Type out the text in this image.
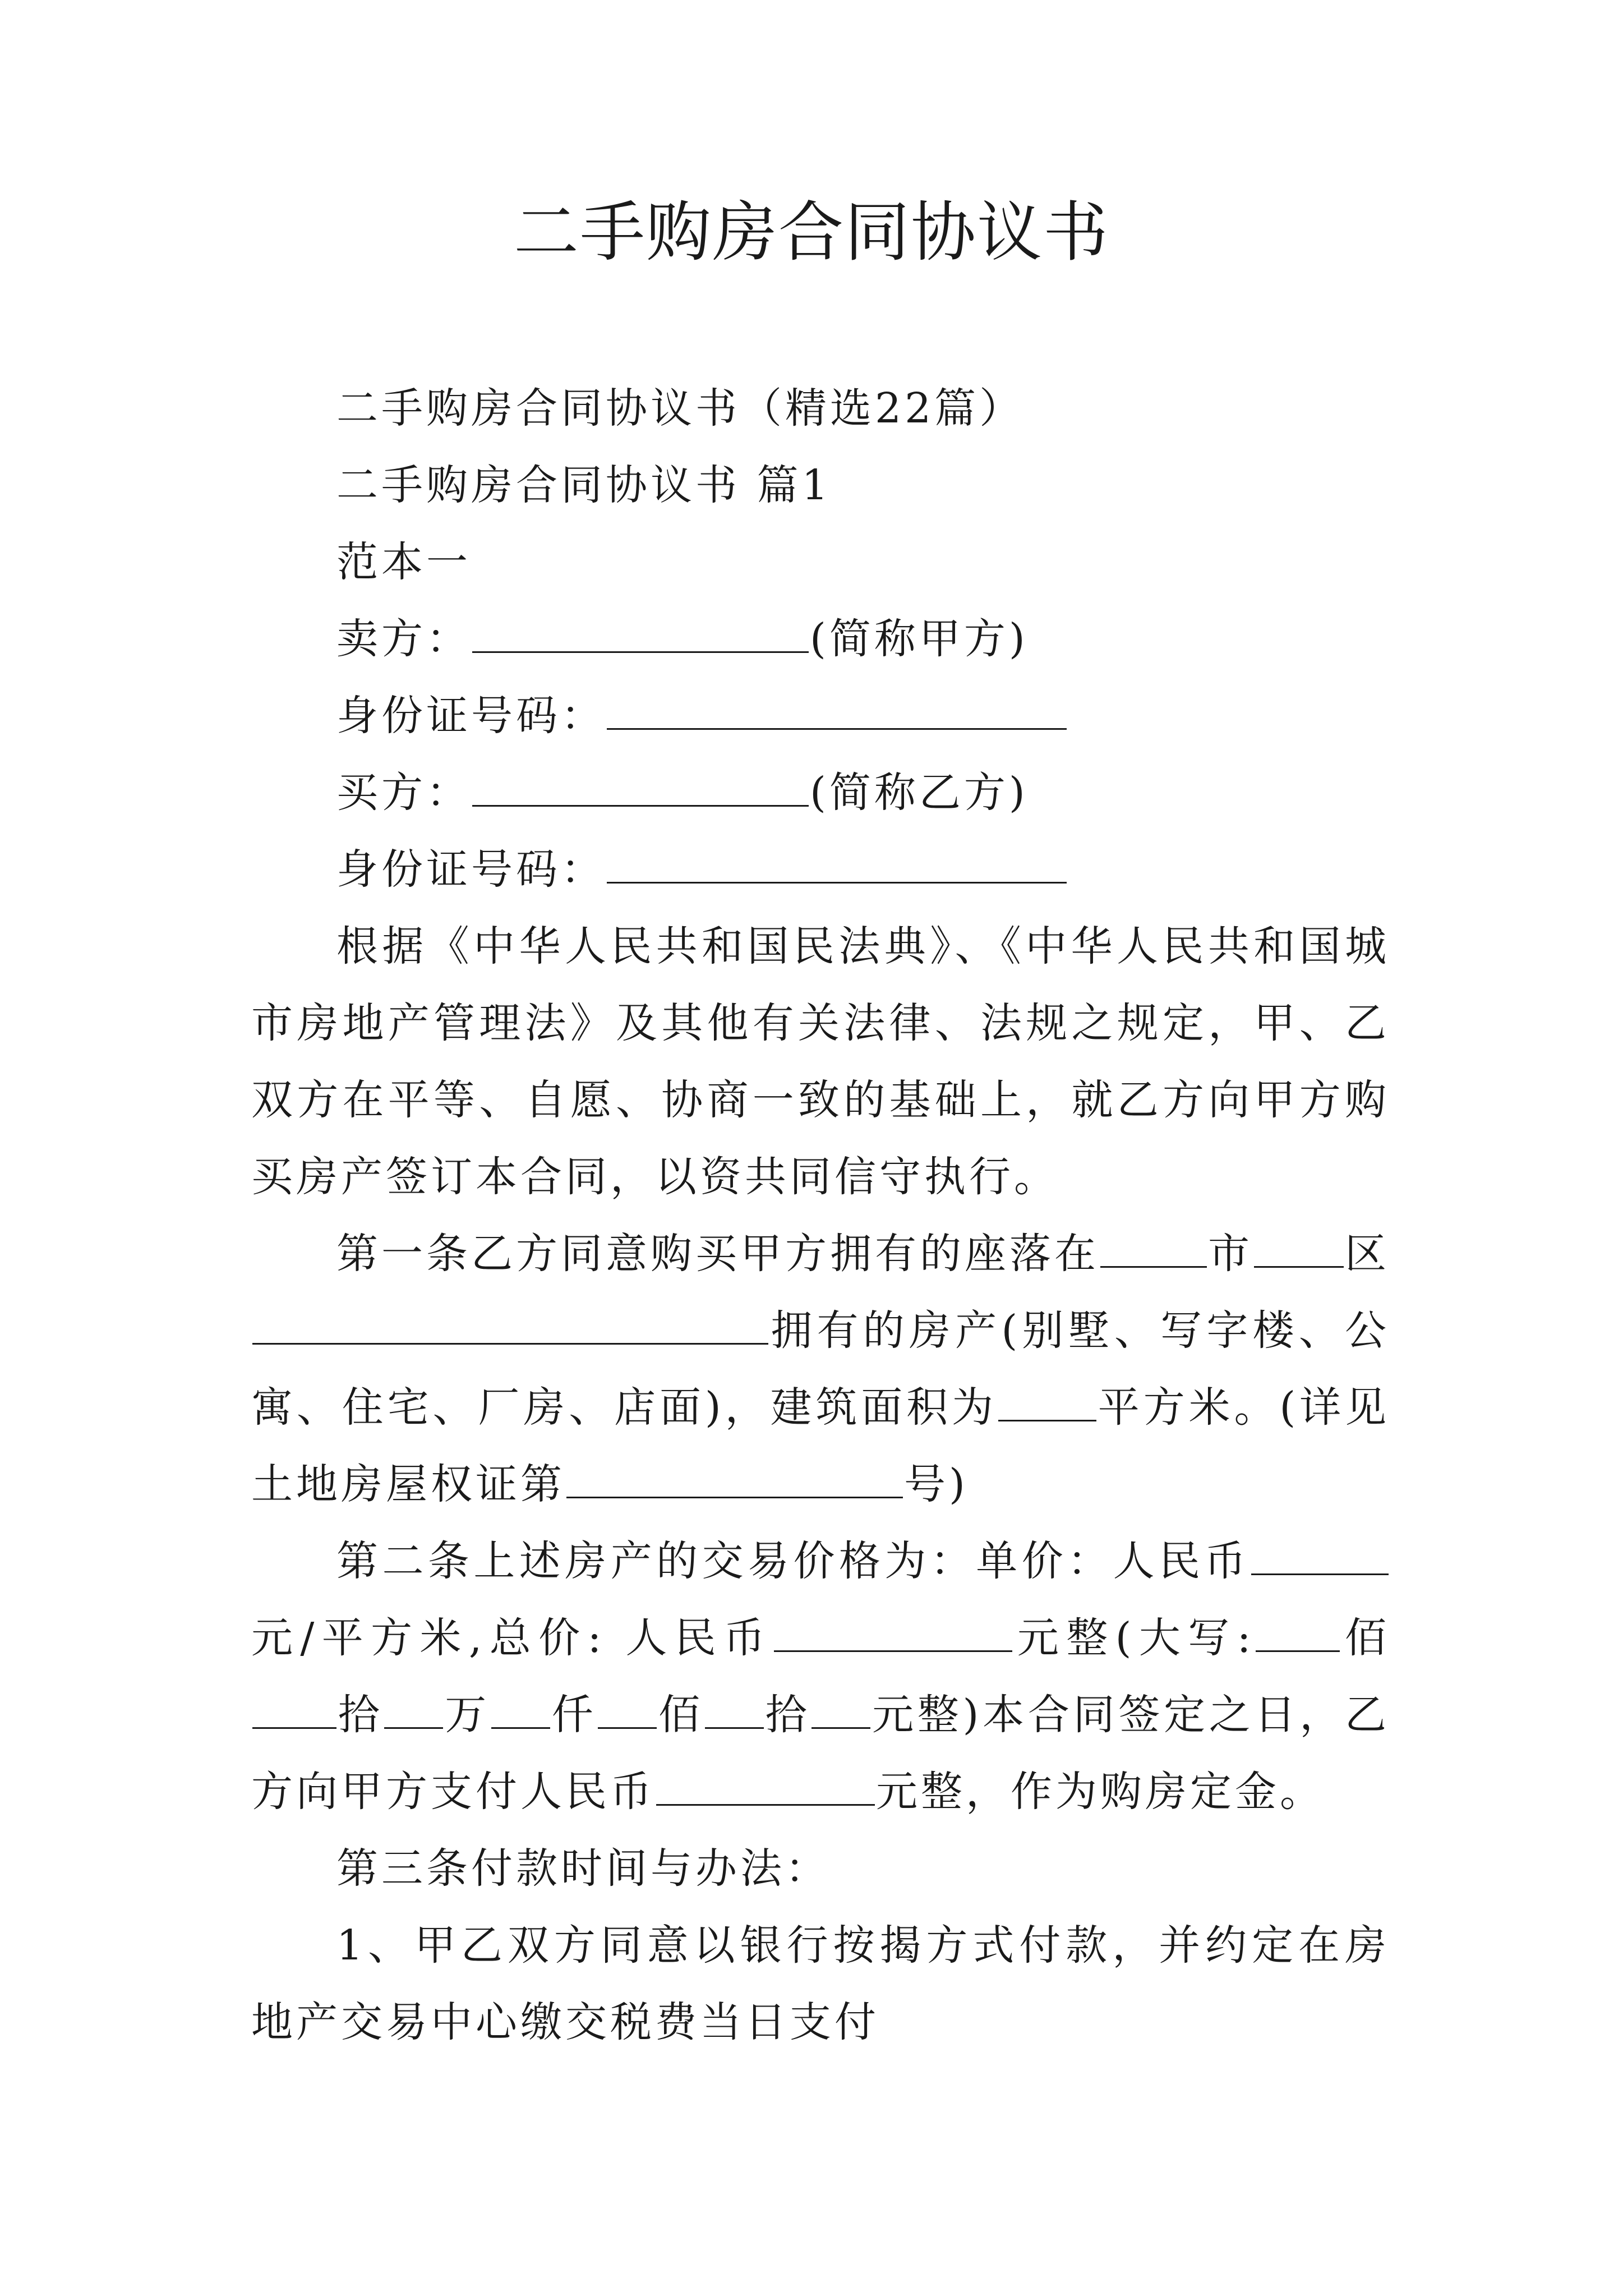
二手购房合同协议书

二手购房合同协议书（精选22篇）

二手购房合同协议书 篇1

范本一

卖方：	(简称甲方)

身份证号码：

买方：	(简称乙方)

身份证号码：

根据《中华人民共和国民法典》、《中华人民共和国城市房地产管理法》及其他有关法律、法规之规定，甲、乙双方在平等、自愿、协商一致的基础上，就乙方向甲方购买房产签订本合同，以资共同信守执行。

第一条乙方同意购买甲方拥有的座落在	市 区拥有的房产(别墅、写字楼、公寓、住宅、厂房、店面)，建筑面积为 平方米。(详见土地房屋权证第	号)

第二条上述房产的交易价格为：单价：人民币元/平方米,总价: 人民币	元整(大写: 佰拾 万 仟 佰 拾 元整)本合同签定之日，乙方向甲方支付人民币	元整，作为购房定金。

第三条付款时间与办法：

1、甲乙双方同意以银行按揭方式付款，并约定在房地产交易中心缴交税费当日支付
